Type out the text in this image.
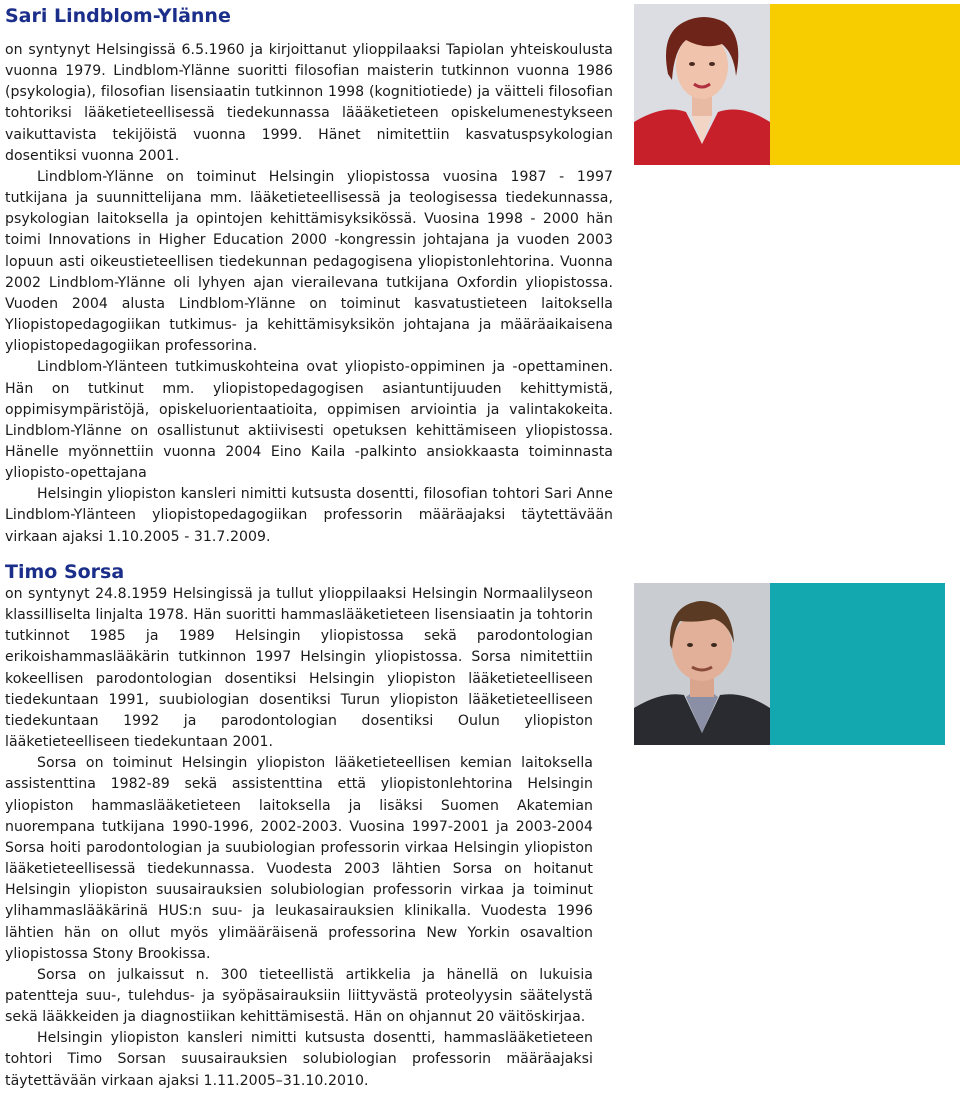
Sari Lindblom-Ylänne

on syntynyt Helsingissä 6.5.1960 ja kirjoittanut ylioppilaaksi Tapiolan yhteiskoulusta vuonna 1979. Lindblom-Ylänne suoritti filosofian maisterin tutkinnon vuonna 1986 (psykologia), filosofian lisensiaatin tutkinnon 1998 (kognitiotiede) ja väitteli filosofian tohtoriksi lääketieteellisessä tiedekunnassa läääketieteen opiskelumenestykseen vaikuttavista tekijöistä vuonna 1999. Hänet nimitettiin kasvatuspsykologian dosentiksi vuonna 2001.

Lindblom-Ylänne on toiminut Helsingin yliopistossa vuosina 1987 - 1997 tutkijana ja suunnittelijana mm. lääketieteellisessä ja teologisessa tiedekunnassa, psykologian laitoksella ja opintojen kehittämisyksikössä. Vuosina 1998 - 2000 hän toimi Innovations in Higher Education 2000 -kongressin johtajana ja vuoden 2003 lopuun asti oikeustieteellisen tiedekunnan pedagogisena yliopistonlehtorina. Vuonna 2002 Lindblom-Ylänne oli lyhyen ajan vierailevana tutkijana Oxfordin yliopistossa. Vuoden 2004 alusta Lindblom-Ylänne on toiminut kasvatustieteen laitoksella Yliopistopedagogiikan tutkimus- ja kehittämisyksikön johtajana ja määräaikaisena yliopistopedagogiikan professorina.

Lindblom-Ylänteen tutkimuskohteina ovat yliopisto-oppiminen ja -opettaminen. Hän on tutkinut mm. yliopistopedagogisen asiantuntijuuden kehittymistä, oppimisympäristöjä, opiskeluorientaatioita, oppimisen arviointia ja valintakokeita. Lindblom-Ylänne on osallistunut aktiivisesti opetuksen kehittämiseen yliopistossa. Hänelle myönnettiin vuonna 2004 Eino Kaila -palkinto ansiokkaasta toiminnasta yliopisto-opettajana

Helsingin yliopiston kansleri nimitti kutsusta dosentti, filosofian tohtori Sari Anne Lindblom-Ylänteen yliopistopedagogiikan professorin määräajaksi täytettävään virkaan ajaksi 1.10.2005 - 31.7.2009.

Timo Sorsa

on syntynyt 24.8.1959 Helsingissä ja tullut ylioppilaaksi Helsingin Normaalilyseon klassilliselta linjalta 1978. Hän suoritti hammaslääketieteen lisensiaatin ja tohtorin tutkinnot 1985 ja 1989 Helsingin yliopistossa sekä parodontologian erikoishammaslääkärin tutkinnon 1997 Helsingin yliopistossa. Sorsa nimitettiin kokeellisen parodontologian dosentiksi Helsingin yliopiston lääketieteelliseen tiedekuntaan 1991, suubiologian dosentiksi Turun yliopiston lääketieteelliseen tiedekuntaan 1992 ja parodontologian dosentiksi Oulun yliopiston lääketieteelliseen tiedekuntaan 2001.

Sorsa on toiminut Helsingin yliopiston lääketieteellisen kemian laitoksella assistenttina 1982-89 sekä assistenttina että yliopistonlehtorina Helsingin yliopiston hammaslääketieteen laitoksella ja lisäksi Suomen Akatemian nuorempana tutkijana 1990-1996, 2002-2003. Vuosina 1997-2001 ja 2003-2004 Sorsa hoiti parodontologian ja suubiologian professorin virkaa Helsingin yliopiston lääketieteellisessä tiedekunnassa. Vuodesta 2003 lähtien Sorsa on hoitanut Helsingin yliopiston suusairauksien solubiologian professorin virkaa ja toiminut ylihammaslääkärinä HUS:n suu- ja leukasairauksien klinikalla. Vuodesta 1996 lähtien hän on ollut myös ylimääräisenä professorina New Yorkin osavaltion yliopistossa Stony Brookissa.

Sorsa on julkaissut n. 300 tieteellistä artikkelia ja hänellä on lukuisia patentteja suu-, tulehdus- ja syöpäsairauksiin liittyvästä proteolyysin säätelystä sekä lääkkeiden ja diagnostiikan kehittämisestä. Hän on ohjannut 20 väitöskirjaa.

Helsingin yliopiston kansleri nimitti kutsusta dosentti, hammaslääketieteen tohtori Timo Sorsan suusairauksien solubiologian professorin määräajaksi täytettävään virkaan ajaksi 1.11.2005–31.10.2010.
